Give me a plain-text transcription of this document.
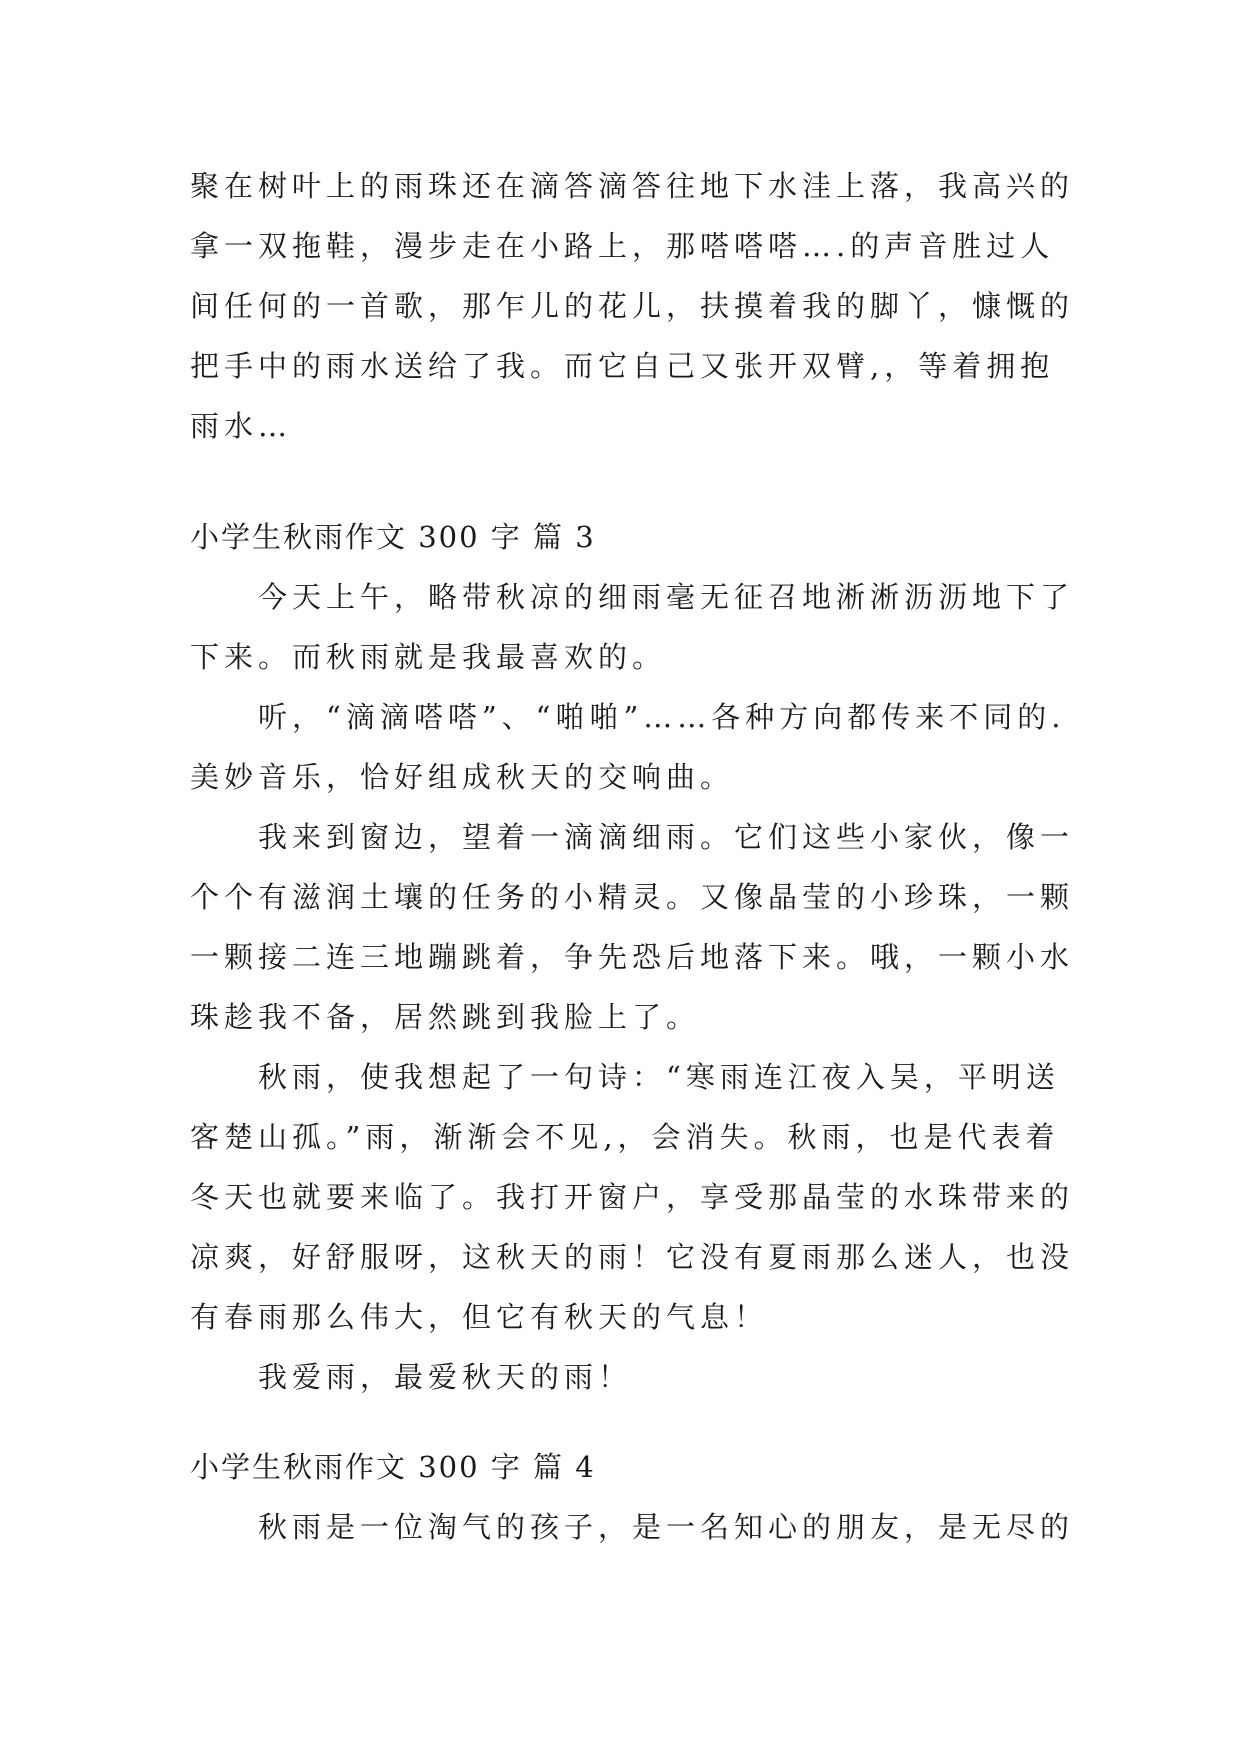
聚在树叶上的雨珠还在滴答滴答往地下水洼上落，我高兴的
拿一双拖鞋，漫步走在小路上，那嗒嗒嗒….的声音胜过人
间任何的一首歌，那乍儿的花儿，扶摸着我的脚丫，慷慨的
把手中的雨水送给了我。而它自己又张开双臂,，等着拥抱
雨水…
小学生秋雨作文 300 字 篇 3
今天上午，略带秋凉的细雨毫无征召地淅淅沥沥地下了
下来。而秋雨就是我最喜欢的。
听，“滴滴嗒嗒”、“啪啪”……各种方向都传来不同的.
美妙音乐，恰好组成秋天的交响曲。
我来到窗边，望着一滴滴细雨。它们这些小家伙，像一
个个有滋润土壤的任务的小精灵。又像晶莹的小珍珠，一颗
一颗接二连三地蹦跳着，争先恐后地落下来。哦，一颗小水
珠趁我不备，居然跳到我脸上了。
秋雨，使我想起了一句诗：“寒雨连江夜入吴，平明送
客楚山孤。”雨，渐渐会不见,，会消失。秋雨，也是代表着
冬天也就要来临了。我打开窗户，享受那晶莹的水珠带来的
凉爽，好舒服呀，这秋天的雨！它没有夏雨那么迷人，也没
有春雨那么伟大，但它有秋天的气息！
我爱雨，最爱秋天的雨！
小学生秋雨作文 300 字 篇 4
秋雨是一位淘气的孩子，是一名知心的朋友，是无尽的
